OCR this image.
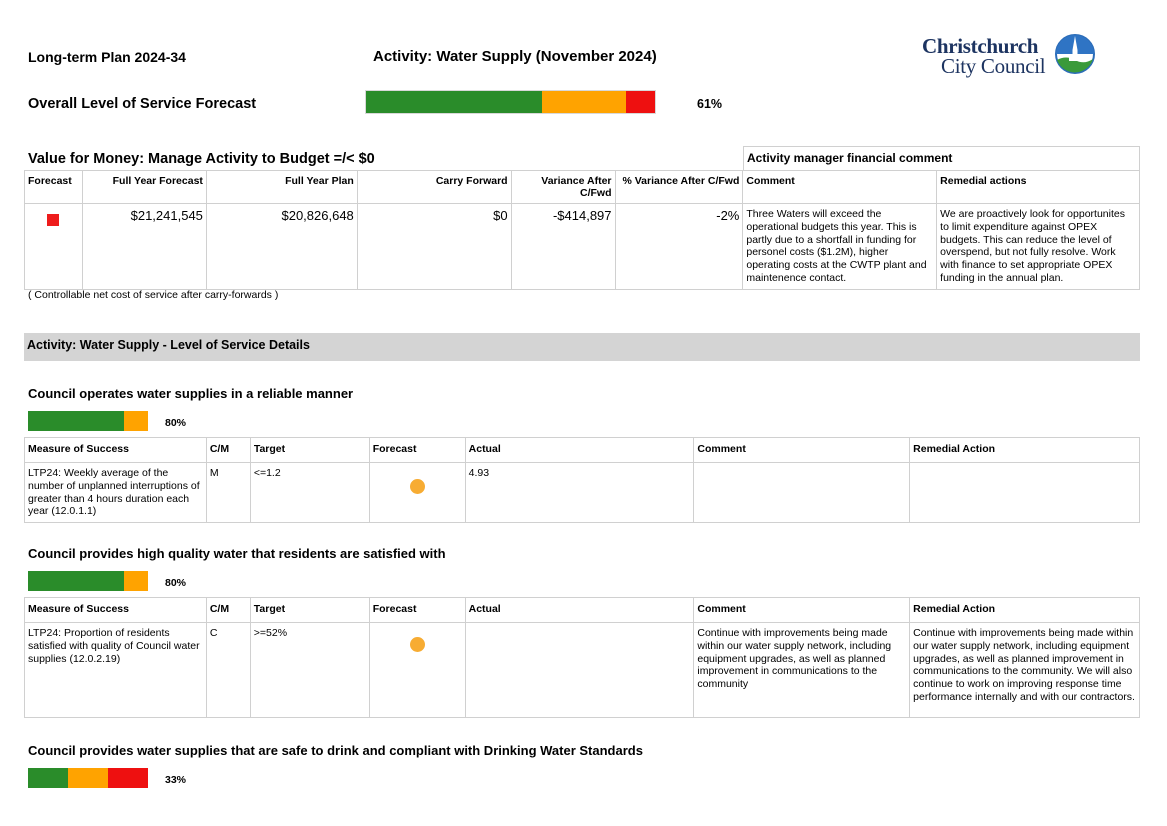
Long-term Plan 2024-34	Activity: Water Supply (November 2024)	Christchurch
City Council
Overall Level of Service Forecast	61%
Value for Money: Manage Activity to Budget =/< $0	Activity manager financial comment
Forecast	Full Year Forecast	Full Year Plan	Carry Forward	Variance After C/Fwd	% Variance After C/Fwd	Comment	Remedial actions
	$21,241,545	$20,826,648	$0	-$414,897	-2%	Three Waters will exceed the operational budgets this year. This is partly due to a shortfall in funding for personel costs ($1.2M), higher operating costs at the CWTP plant and maintenence contact.	We are proactively look for opportunites to limit expenditure against OPEX budgets. This can reduce the level of overspend, but not fully resolve. Work with finance to set appropriate OPEX funding in the annual plan.
( Controllable net cost of service after carry-forwards )
Activity: Water Supply - Level of Service Details
Council operates water supplies in a reliable manner
80%
Measure of Success	C/M	Target	Forecast	Actual	Comment	Remedial Action
LTP24: Weekly average of the number of unplanned interruptions of greater than 4 hours duration each year (12.0.1.1)	M	<=1.2		4.93		
Council provides high quality water that residents are satisfied with
80%
Measure of Success	C/M	Target	Forecast	Actual	Comment	Remedial Action
LTP24: Proportion of residents satisfied with quality of Council water supplies (12.0.2.19)	C	>=52%			Continue with improvements being made within our water supply network, including equipment upgrades, as well as planned improvement in communications to the community	Continue with improvements being made within our water supply network, including equipment upgrades, as well as planned improvement in communications to the community. We will also continue to work on improving response time performance internally and with our contractors.
Council provides water supplies that are safe to drink and compliant with Drinking Water Standards
33%
